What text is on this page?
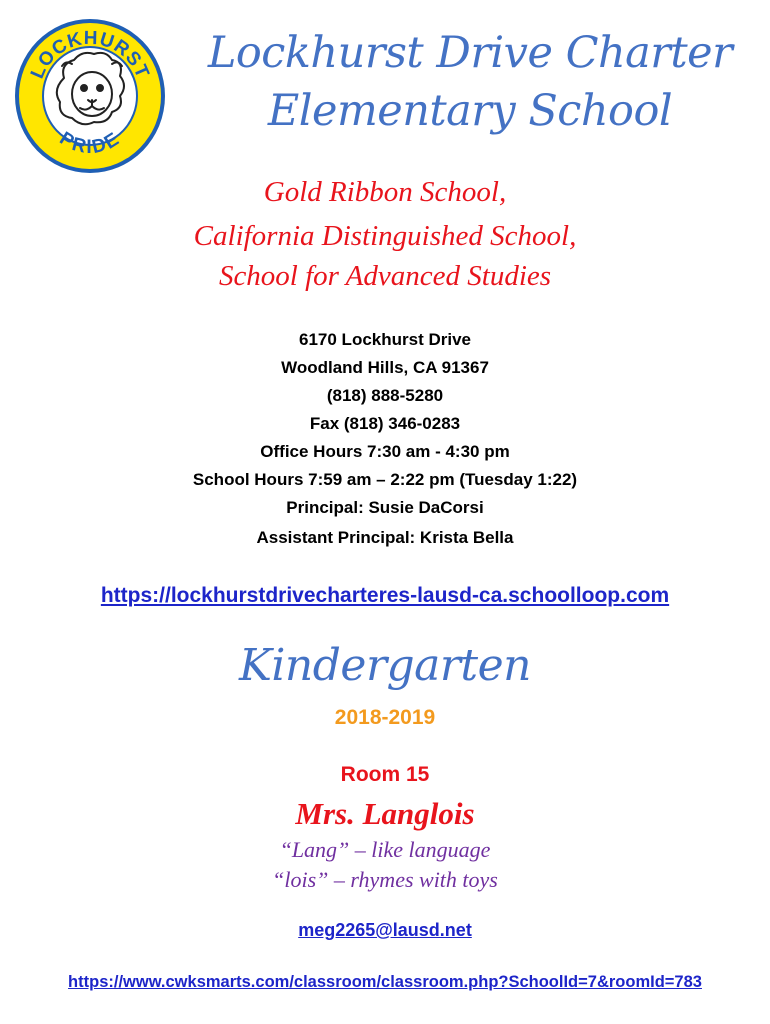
LOCKHURST
PRIDE
Lockhurst Drive Charter
Elementary School
Gold Ribbon School,
California Distinguished School,
School for Advanced Studies
6170 Lockhurst Drive
Woodland Hills, CA 91367
(818) 888-5280
Fax (818) 346-0283
Office Hours 7:30 am - 4:30 pm
School Hours 7:59 am – 2:22 pm (Tuesday 1:22)
Principal: Susie DaCorsi
Assistant Principal: Krista Bella
https://lockhurstdrivecharteres-lausd-ca.schoolloop.com
Kindergarten
2018-2019
Room 15
Mrs. Langlois
“Lang” – like language
“lois” – rhymes with toys
meg2265@lausd.net
https://www.cwksmarts.com/classroom/classroom.php?SchoolId=7&roomId=783
